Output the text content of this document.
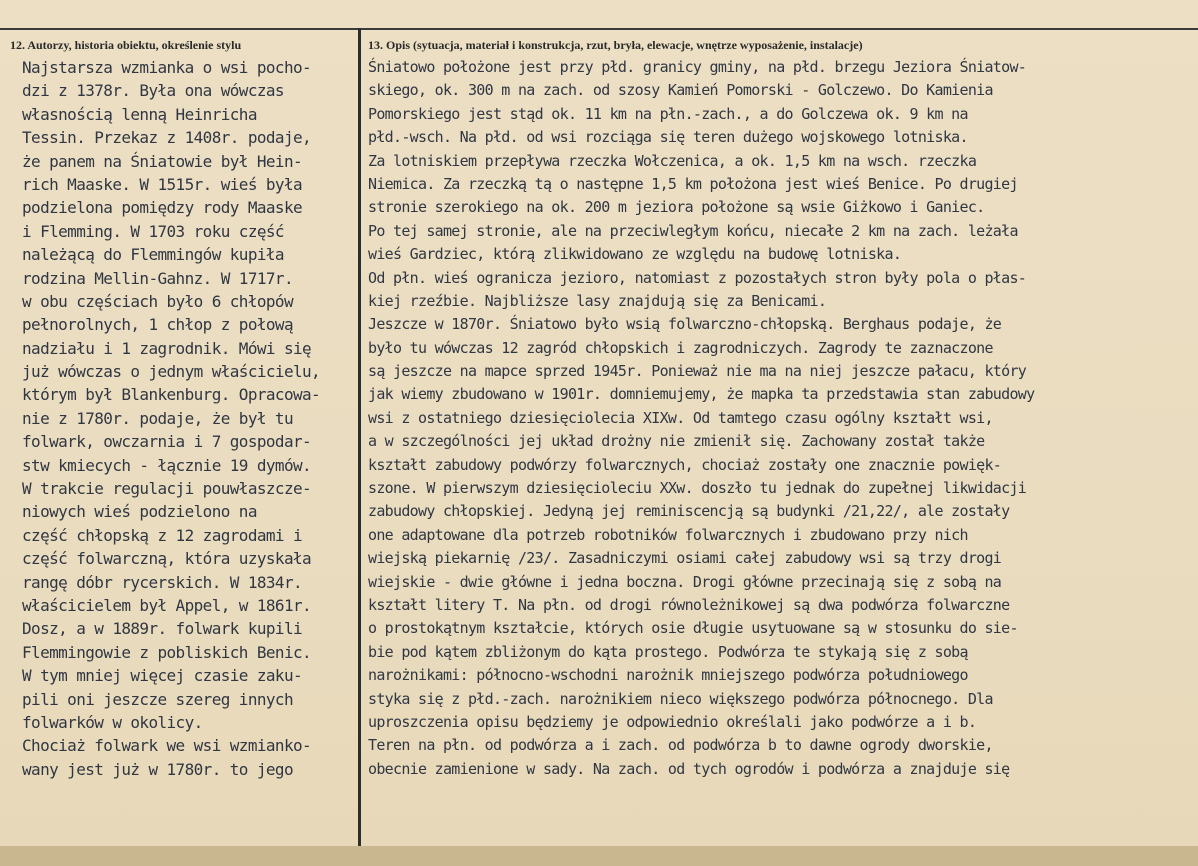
12. Autorzy, historia obiektu, określenie stylu
Najstarsza wzmianka o wsi pocho-
dzi z 1378r. Była ona wówczas
własnością lenną Heinricha
Tessin. Przekaz z 1408r. podaje,
że panem na Śniatowie był Hein-
rich Maaske. W 1515r. wieś była
podzielona pomiędzy rody Maaske
i Flemming. W 1703 roku część
należącą do Flemmingów kupiła
rodzina Mellin-Gahnz. W 1717r.
w obu częściach było 6 chłopów
pełnorolnych, 1 chłop z połową
nadziału i 1 zagrodnik. Mówi się
już wówczas o jednym właścicielu,
którym był Blankenburg. Opracowa-
nie z 1780r. podaje, że był tu
folwark, owczarnia i 7 gospodar-
stw kmiecych - łącznie 19 dymów.
W trakcie regulacji pouwłaszcze-
niowych wieś podzielono na
część chłopską z 12 zagrodami i
część folwarczną, która uzyskała
rangę dóbr rycerskich. W 1834r.
właścicielem był Appel, w 1861r.
Dosz, a w 1889r. folwark kupili
Flemmingowie z pobliskich Benic.
W tym mniej więcej czasie zaku-
pili oni jeszcze szereg innych
folwarków w okolicy.
Chociaż folwark we wsi wzmianko-
wany jest już w 1780r. to jego
13. Opis (sytuacja, materiał i konstrukcja, rzut, bryła, elewacje, wnętrze wyposażenie, instalacje)
Śniatowo położone jest przy płd. granicy gminy, na płd. brzegu Jeziora Śniatow-
skiego, ok. 300 m na zach. od szosy Kamień Pomorski - Golczewo. Do Kamienia
Pomorskiego jest stąd ok. 11 km na płn.-zach., a do Golczewa ok. 9 km na
płd.-wsch. Na płd. od wsi rozciąga się teren dużego wojskowego lotniska.
Za lotniskiem przepływa rzeczka Wołczenica, a ok. 1,5 km na wsch. rzeczka
Niemica. Za rzeczką tą o następne 1,5 km położona jest wieś Benice. Po drugiej
stronie szerokiego na ok. 200 m jeziora położone są wsie Giżkowo i Ganiec.
Po tej samej stronie, ale na przeciwległym końcu, niecałe 2 km na zach. leżała
wieś Gardziec, którą zlikwidowano ze względu na budowę lotniska.
Od płn. wieś ogranicza jezioro, natomiast z pozostałych stron były pola o płas-
kiej rzeźbie. Najbliższe lasy znajdują się za Benicami.
Jeszcze w 1870r. Śniatowo było wsią folwarczno-chłopską. Berghaus podaje, że
było tu wówczas 12 zagród chłopskich i zagrodniczych. Zagrody te zaznaczone
są jeszcze na mapce sprzed 1945r. Ponieważ nie ma na niej jeszcze pałacu, który
jak wiemy zbudowano w 1901r. domniemujemy, że mapka ta przedstawia stan zabudowy
wsi z ostatniego dziesięciolecia XIXw. Od tamtego czasu ogólny kształt wsi,
a w szczególności jej układ drożny nie zmienił się. Zachowany został także
kształt zabudowy podwórzy folwarcznych, chociaż zostały one znacznie powięk-
szone. W pierwszym dziesięcioleciu XXw. doszło tu jednak do zupełnej likwidacji
zabudowy chłopskiej. Jedyną jej reminiscencją są budynki /21,22/, ale zostały
one adaptowane dla potrzeb robotników folwarcznych i zbudowano przy nich
wiejską piekarnię /23/. Zasadniczymi osiami całej zabudowy wsi są trzy drogi
wiejskie - dwie główne i jedna boczna. Drogi główne przecinają się z sobą na
kształt litery T. Na płn. od drogi równoleżnikowej są dwa podwórza folwarczne
o prostokątnym kształcie, których osie długie usytuowane są w stosunku do sie-
bie pod kątem zbliżonym do kąta prostego. Podwórza te stykają się z sobą
narożnikami: północno-wschodni narożnik mniejszego podwórza południowego
styka się z płd.-zach. narożnikiem nieco większego podwórza północnego. Dla
uproszczenia opisu będziemy je odpowiednio określali jako podwórze a i b.
Teren na płn. od podwórza a i zach. od podwórza b to dawne ogrody dworskie,
obecnie zamienione w sady. Na zach. od tych ogrodów i podwórza a znajduje się
